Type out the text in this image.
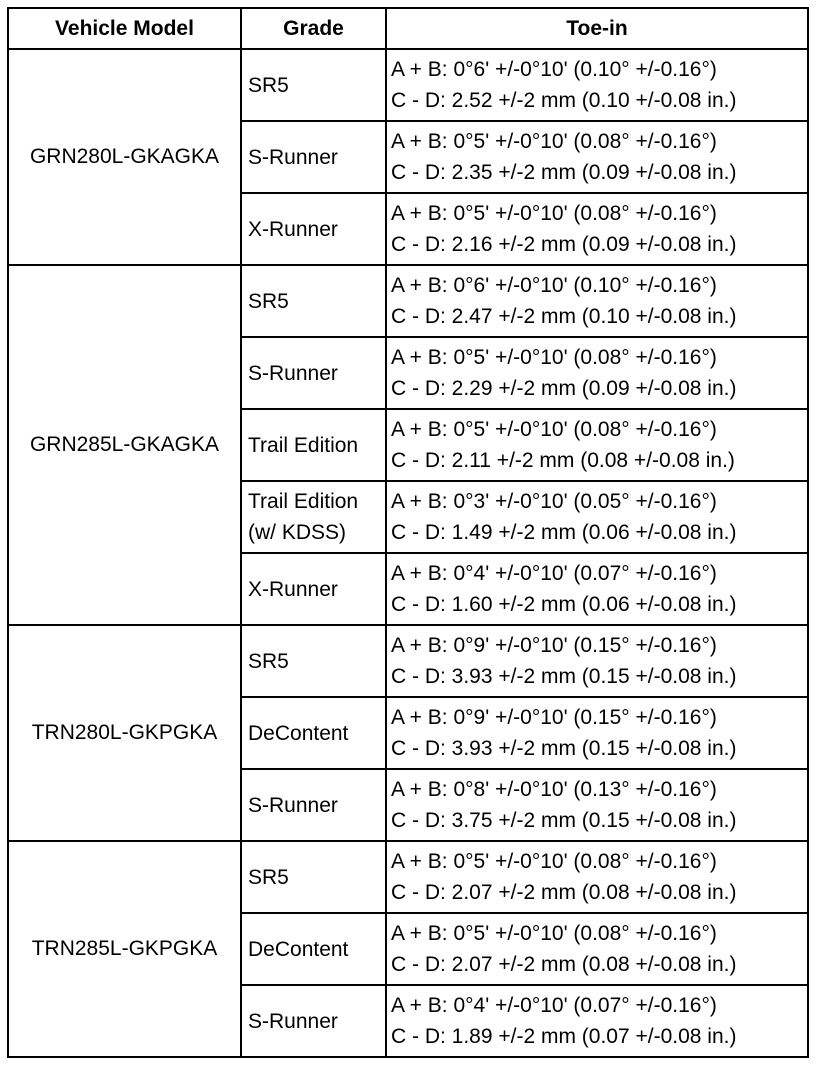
Vehicle Model	Grade	Toe-in
GRN280L-GKAGKA	SR5	A + B: 0°6' +/-0°10' (0.10° +/-0.16°)
C - D: 2.52 +/-2 mm (0.10 +/-0.08 in.)

	S-Runner	A + B: 0°5' +/-0°10' (0.08° +/-0.16°)
C - D: 2.35 +/-2 mm (0.09 +/-0.08 in.)

	X-Runner	A + B: 0°5' +/-0°10' (0.08° +/-0.16°)
C - D: 2.16 +/-2 mm (0.09 +/-0.08 in.)

GRN285L-GKAGKA	SR5	A + B: 0°6' +/-0°10' (0.10° +/-0.16°)
C - D: 2.47 +/-2 mm (0.10 +/-0.08 in.)

	S-Runner	A + B: 0°5' +/-0°10' (0.08° +/-0.16°)
C - D: 2.29 +/-2 mm (0.09 +/-0.08 in.)

	Trail Edition	A + B: 0°5' +/-0°10' (0.08° +/-0.16°)
C - D: 2.11 +/-2 mm (0.08 +/-0.08 in.)

	Trail Edition
(w/ KDSS)	A + B: 0°3' +/-0°10' (0.05° +/-0.16°)
C - D: 1.49 +/-2 mm (0.06 +/-0.08 in.)

	X-Runner	A + B: 0°4' +/-0°10' (0.07° +/-0.16°)
C - D: 1.60 +/-2 mm (0.06 +/-0.08 in.)

TRN280L-GKPGKA	SR5	A + B: 0°9' +/-0°10' (0.15° +/-0.16°)
C - D: 3.93 +/-2 mm (0.15 +/-0.08 in.)

	DeContent	A + B: 0°9' +/-0°10' (0.15° +/-0.16°)
C - D: 3.93 +/-2 mm (0.15 +/-0.08 in.)

	S-Runner	A + B: 0°8' +/-0°10' (0.13° +/-0.16°)
C - D: 3.75 +/-2 mm (0.15 +/-0.08 in.)

TRN285L-GKPGKA	SR5	A + B: 0°5' +/-0°10' (0.08° +/-0.16°)
C - D: 2.07 +/-2 mm (0.08 +/-0.08 in.)

	DeContent	A + B: 0°5' +/-0°10' (0.08° +/-0.16°)
C - D: 2.07 +/-2 mm (0.08 +/-0.08 in.)

	S-Runner	A + B: 0°4' +/-0°10' (0.07° +/-0.16°)
C - D: 1.89 +/-2 mm (0.07 +/-0.08 in.)
